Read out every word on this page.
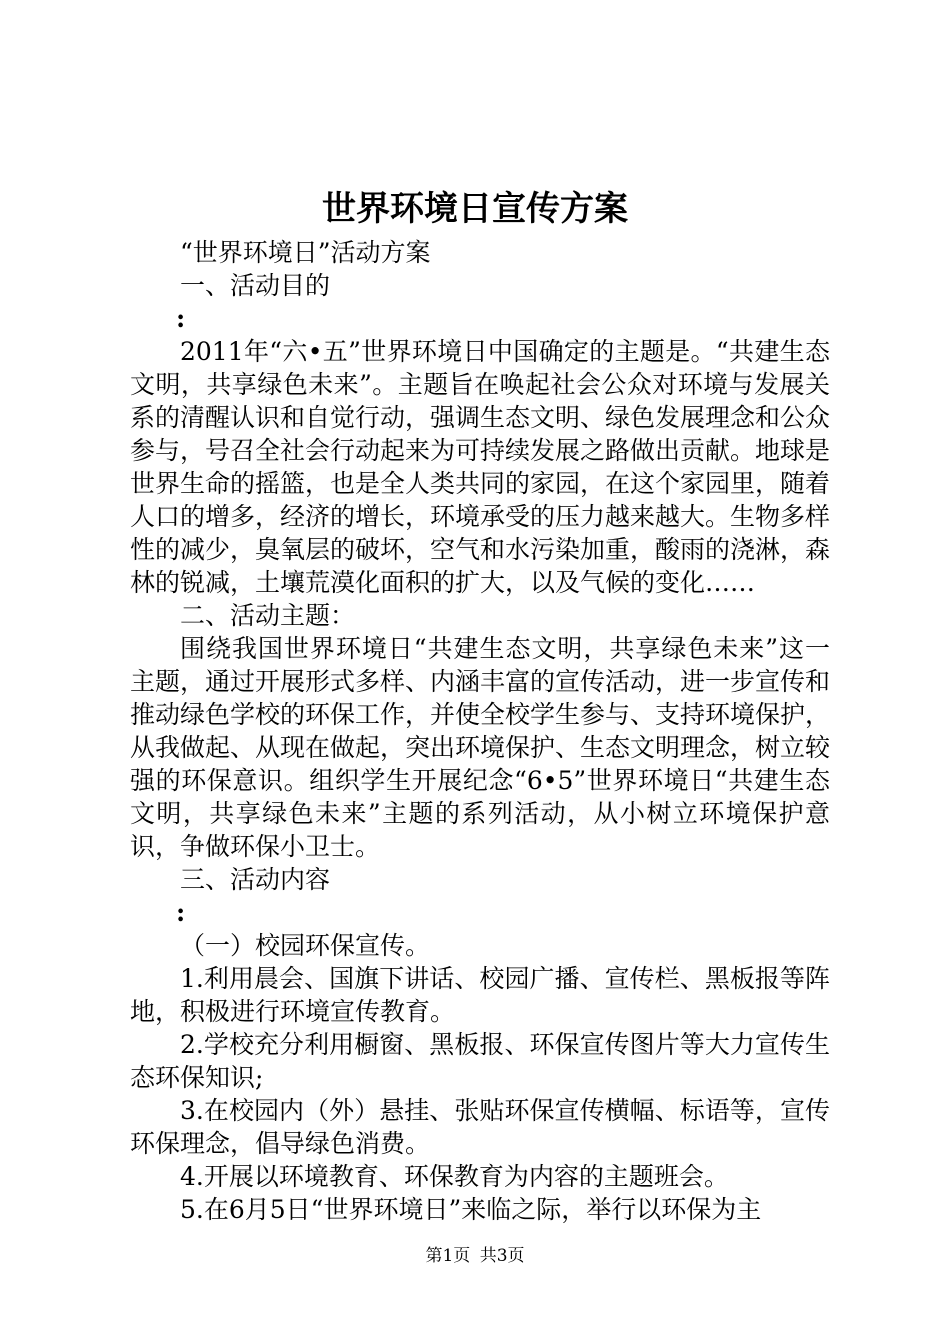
世界环境日宣传方案

“世界环境日”活动方案

一、活动目的

:

2011年“六•五”世界环境日中国确定的主题是。“共建生态文明，共享绿色未来”。主题旨在唤起社会公众对环境与发展关系的清醒认识和自觉行动，强调生态文明、绿色发展理念和公众参与，号召全社会行动起来为可持续发展之路做出贡献。地球是世界生命的摇篮，也是全人类共同的家园，在这个家园里，随着人口的增多，经济的增长，环境承受的压力越来越大。生物多样性的减少，臭氧层的破坏，空气和水污染加重，酸雨的浇淋，森林的锐减，土壤荒漠化面积的扩大，以及气候的变化……

二、活动主题：

围绕我国世界环境日“共建生态文明，共享绿色未来”这一主题，通过开展形式多样、内涵丰富的宣传活动，进一步宣传和推动绿色学校的环保工作，并使全校学生参与、支持环境保护，从我做起、从现在做起，突出环境保护、生态文明理念，树立较强的环保意识。组织学生开展纪念“6•5”世界环境日“共建生态文明，共享绿色未来”主题的系列活动，从小树立环境保护意识，争做环保小卫士。

三、活动内容

:

（一）校园环保宣传。

1.利用晨会、国旗下讲话、校园广播、宣传栏、黑板报等阵地，积极进行环境宣传教育。

2.学校充分利用橱窗、黑板报、环保宣传图片等大力宣传生态环保知识;

3.在校园内（外）悬挂、张贴环保宣传横幅、标语等，宣传环保理念，倡导绿色消费。

4.开展以环境教育、环保教育为内容的主题班会。

5.在6月5日“世界环境日”来临之际，举行以环保为主

第1页 共3页
